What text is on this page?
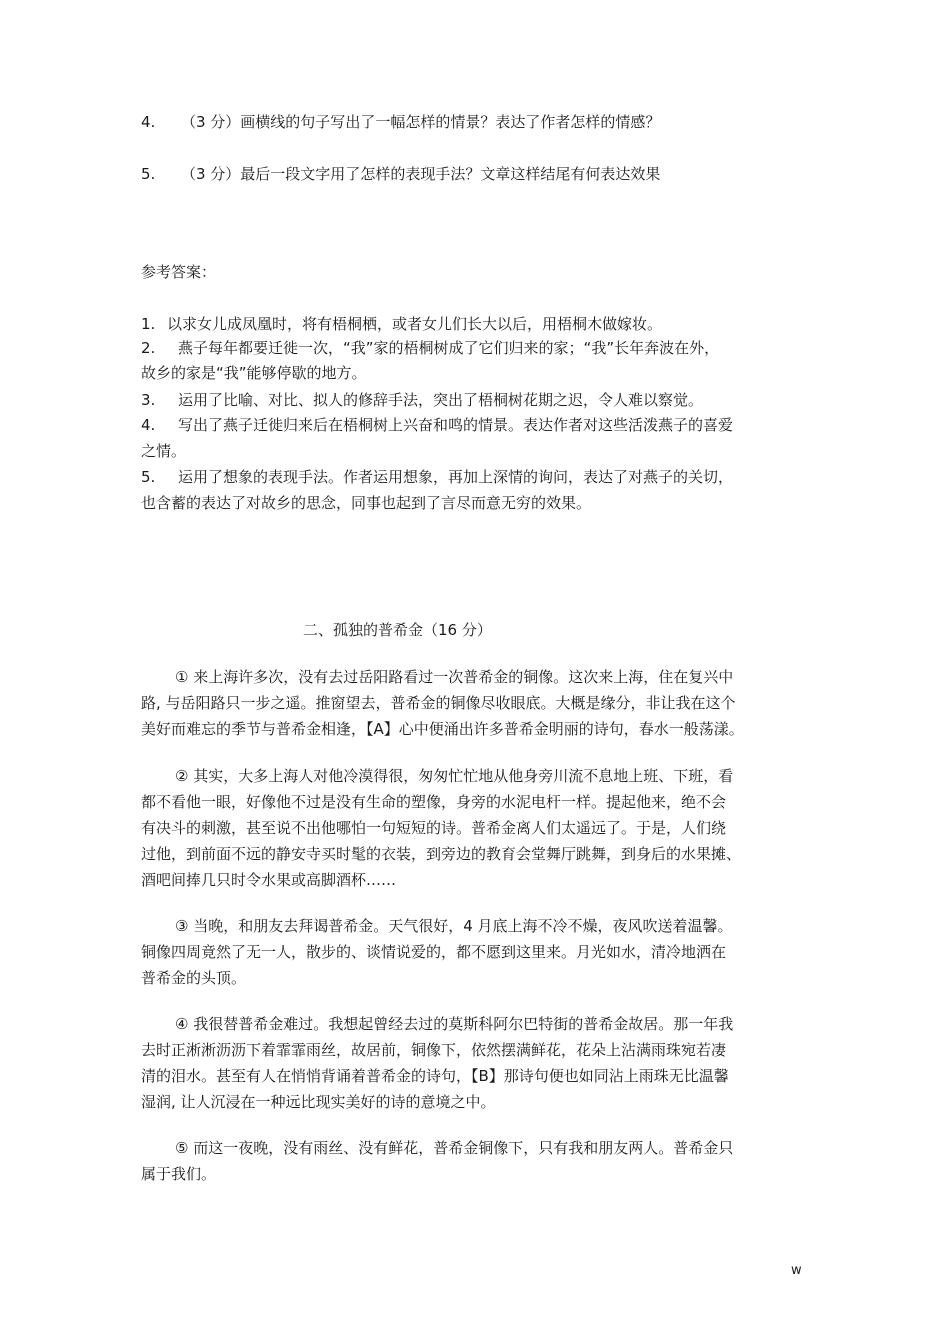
4. （3 分）画横线的句子写出了一幅怎样的情景？表达了作者怎样的情感？
5. （3 分）最后一段文字用了怎样的表现手法？文章这样结尾有何表达效果
参考答案：
1. 以求女儿成凤凰时，将有梧桐栖，或者女儿们长大以后，用梧桐木做嫁妆。
2. 燕子每年都要迁徙一次，“我”家的梧桐树成了它们归来的家；“我”长年奔波在外，
故乡的家是“我”能够停歇的地方。
3. 运用了比喻、对比、拟人的修辞手法，突出了梧桐树花期之迟，令人难以察觉。
4. 写出了燕子迁徙归来后在梧桐树上兴奋和鸣的情景。表达作者对这些活泼燕子的喜爱
之情。
5. 运用了想象的表现手法。作者运用想象，再加上深情的询问，表达了对燕子的关切，
也含蓄的表达了对故乡的思念，同事也起到了言尽而意无穷的效果。
二、孤独的普希金（16 分）
① 来上海许多次，没有去过岳阳路看过一次普希金的铜像。这次来上海，住在复兴中
路, 与岳阳路只一步之遥。推窗望去，普希金的铜像尽收眼底。大概是缘分，非让我在这个
美好而难忘的季节与普希金相逢，【A】心中便涌出许多普希金明丽的诗句，春水一般荡漾。
② 其实，大多上海人对他冷漠得很，匆匆忙忙地从他身旁川流不息地上班、下班，看
都不看他一眼，好像他不过是没有生命的塑像，身旁的水泥电杆一样。提起他来，绝不会
有决斗的刺激，甚至说不出他哪怕一句短短的诗。普希金离人们太遥远了。于是，人们绕
过他，到前面不远的静安寺买时髦的衣装，到旁边的教育会堂舞厅跳舞，到身后的水果摊、
酒吧间捧几只时令水果或高脚酒杯……
③ 当晚，和朋友去拜谒普希金。天气很好，4 月底上海不冷不燥，夜风吹送着温馨。
铜像四周竟然了无一人，散步的、谈情说爱的，都不愿到这里来。月光如水，清冷地洒在
普希金的头顶。
④ 我很替普希金难过。我想起曾经去过的莫斯科阿尔巴特街的普希金故居。那一年我
去时正淅淅沥沥下着霏霏雨丝，故居前，铜像下，依然摆满鲜花，花朵上沾满雨珠宛若凄
清的泪水。甚至有人在悄悄背诵着普希金的诗句，【B】那诗句便也如同沾上雨珠无比温馨
湿润, 让人沉浸在一种远比现实美好的诗的意境之中。
⑤ 而这一夜晚，没有雨丝、没有鲜花，普希金铜像下，只有我和朋友两人。普希金只
属于我们。
w
